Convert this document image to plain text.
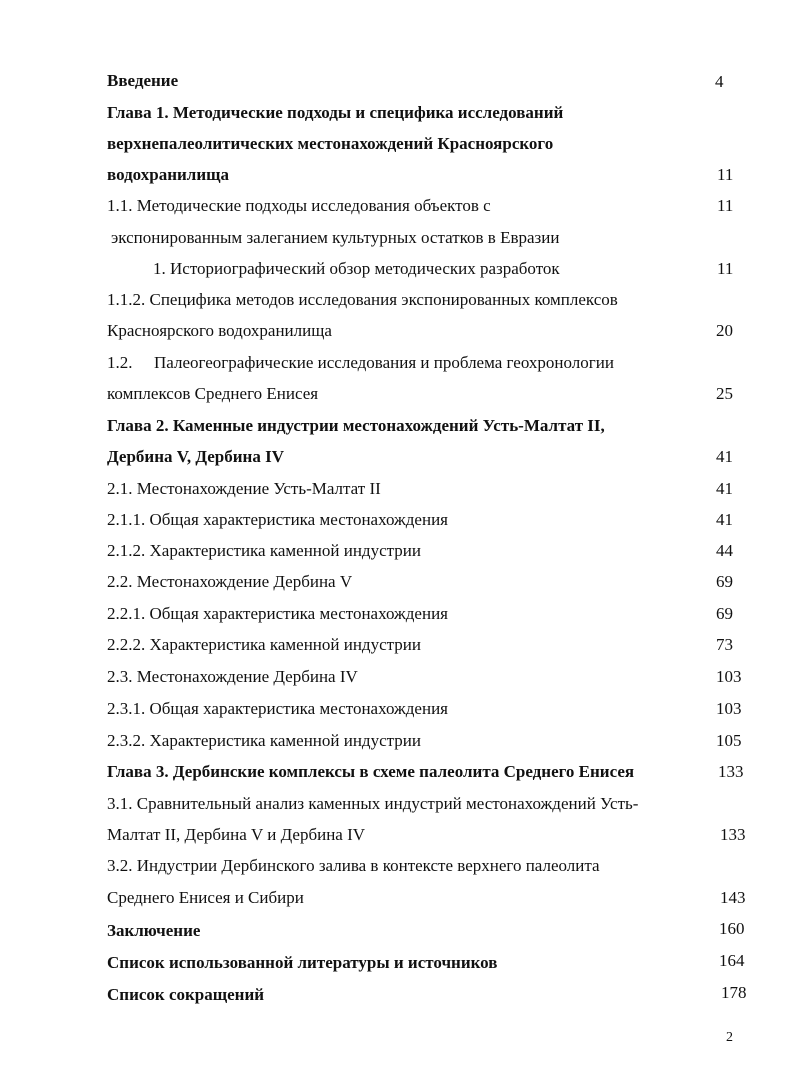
Введение
Глава 1. Методические подходы и специфика исследований
верхнепалеолитических местонахождений Красноярского
водохранилища
1.1. Методические подходы исследования объектов с
экспонированным залеганием культурных остатков в Евразии
1. Историографический обзор методических разработок
1.1.2. Специфика методов исследования экспонированных комплексов
Красноярского водохранилища
1.2. Палеогеографические исследования и проблема геохронологии
комплексов Среднего Енисея
Глава 2. Каменные индустрии местонахождений Усть-Малтат II,
Дербина V, Дербина IV
2.1. Местонахождение Усть-Малтат II
2.1.1. Общая характеристика местонахождения
2.1.2. Характеристика каменной индустрии
2.2. Местонахождение Дербина V
2.2.1. Общая характеристика местонахождения
2.2.2. Характеристика каменной индустрии
2.3. Местонахождение Дербина IV
2.3.1. Общая характеристика местонахождения
2.3.2. Характеристика каменной индустрии
Глава 3. Дербинские комплексы в схеме палеолита Среднего Енисея
3.1. Сравнительный анализ каменных индустрий местонахождений Усть-
Малтат II, Дербина V и Дербина IV
3.2. Индустрии Дербинского залива в контексте верхнего палеолита
Среднего Енисея и Сибири
Заключение
Список использованной литературы и источников
Список сокращений
4
11
11
11
20
25
41
41
41
44
69
69
73
103
103
105
133
133
143
160
164
178
2
